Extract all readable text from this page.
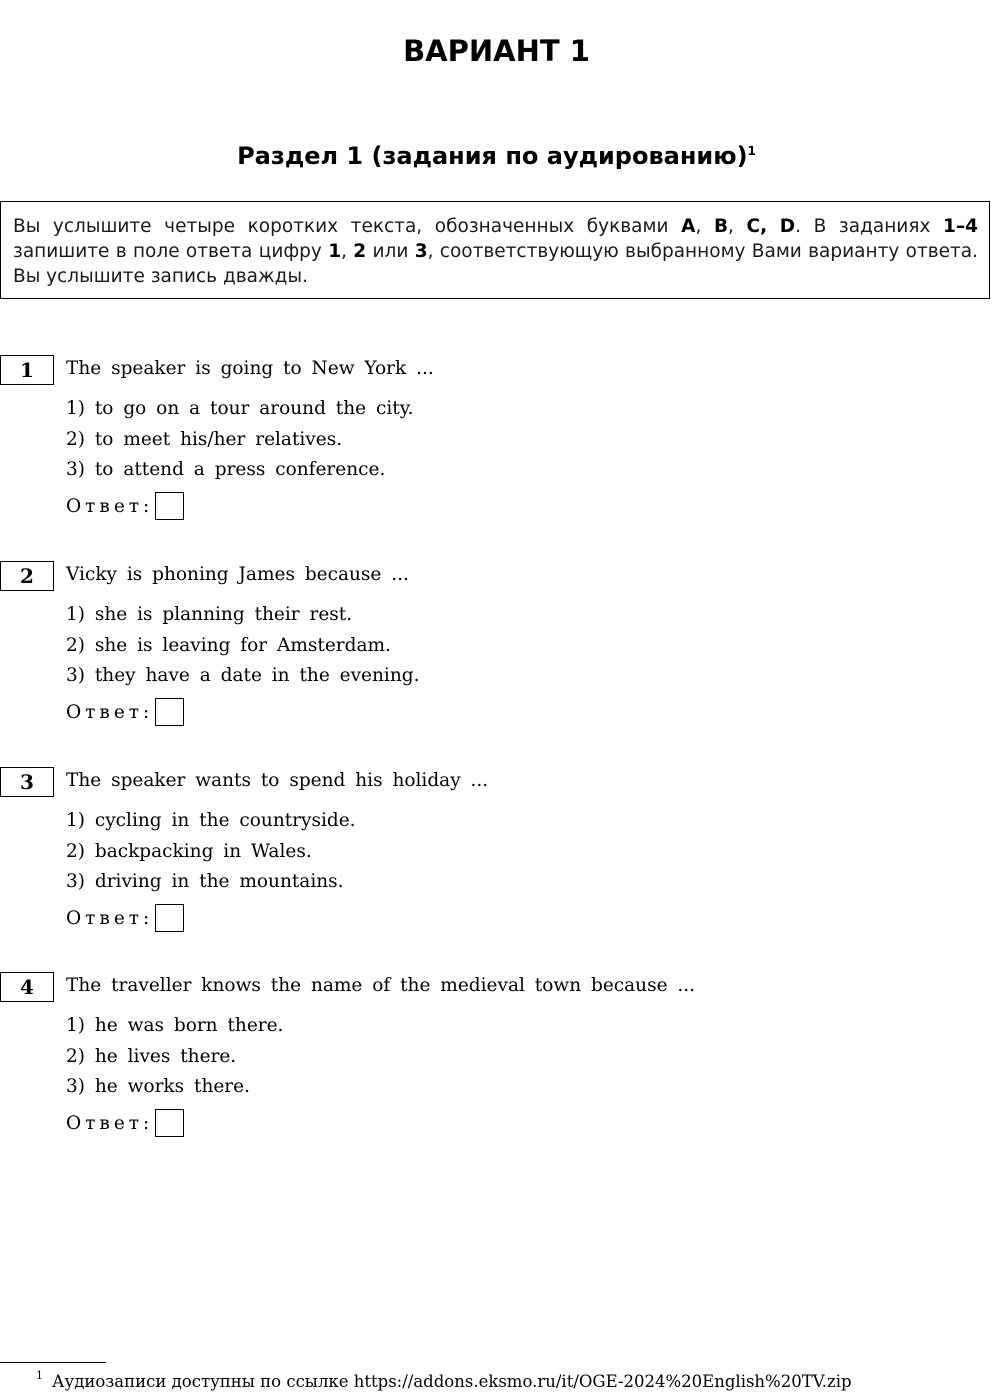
ВАРИАНТ 1
Раздел 1 (задания по аудированию)$^1$
Вы услышите четыре коротких текста, обозначенных буквами A, B, C, D. В заданиях 1–4 запишите в поле ответа цифру 1, 2 или 3, соответствующую выбранному Вами варианту ответа. Вы услышите запись дважды.
1	The speaker is going to New York ...
1) to go on a tour around the city.
2) to meet his/her relatives.
3) to attend a press conference.
Ответ:
2	Vicky is phoning James because ...
1) she is planning their rest.
2) she is leaving for Amsterdam.
3) they have a date in the evening.
Ответ:
3	The speaker wants to spend his holiday ...
1) cycling in the countryside.
2) backpacking in Wales.
3) driving in the mountains.
Ответ:
4	The traveller knows the name of the medieval town because ...
1) he was born there.
2) he lives there.
3) he works there.
Ответ:
$^1$ Аудиозаписи доступны по ссылке https://addons.eksmo.ru/it/OGE-2024%20English%20TV.zip
